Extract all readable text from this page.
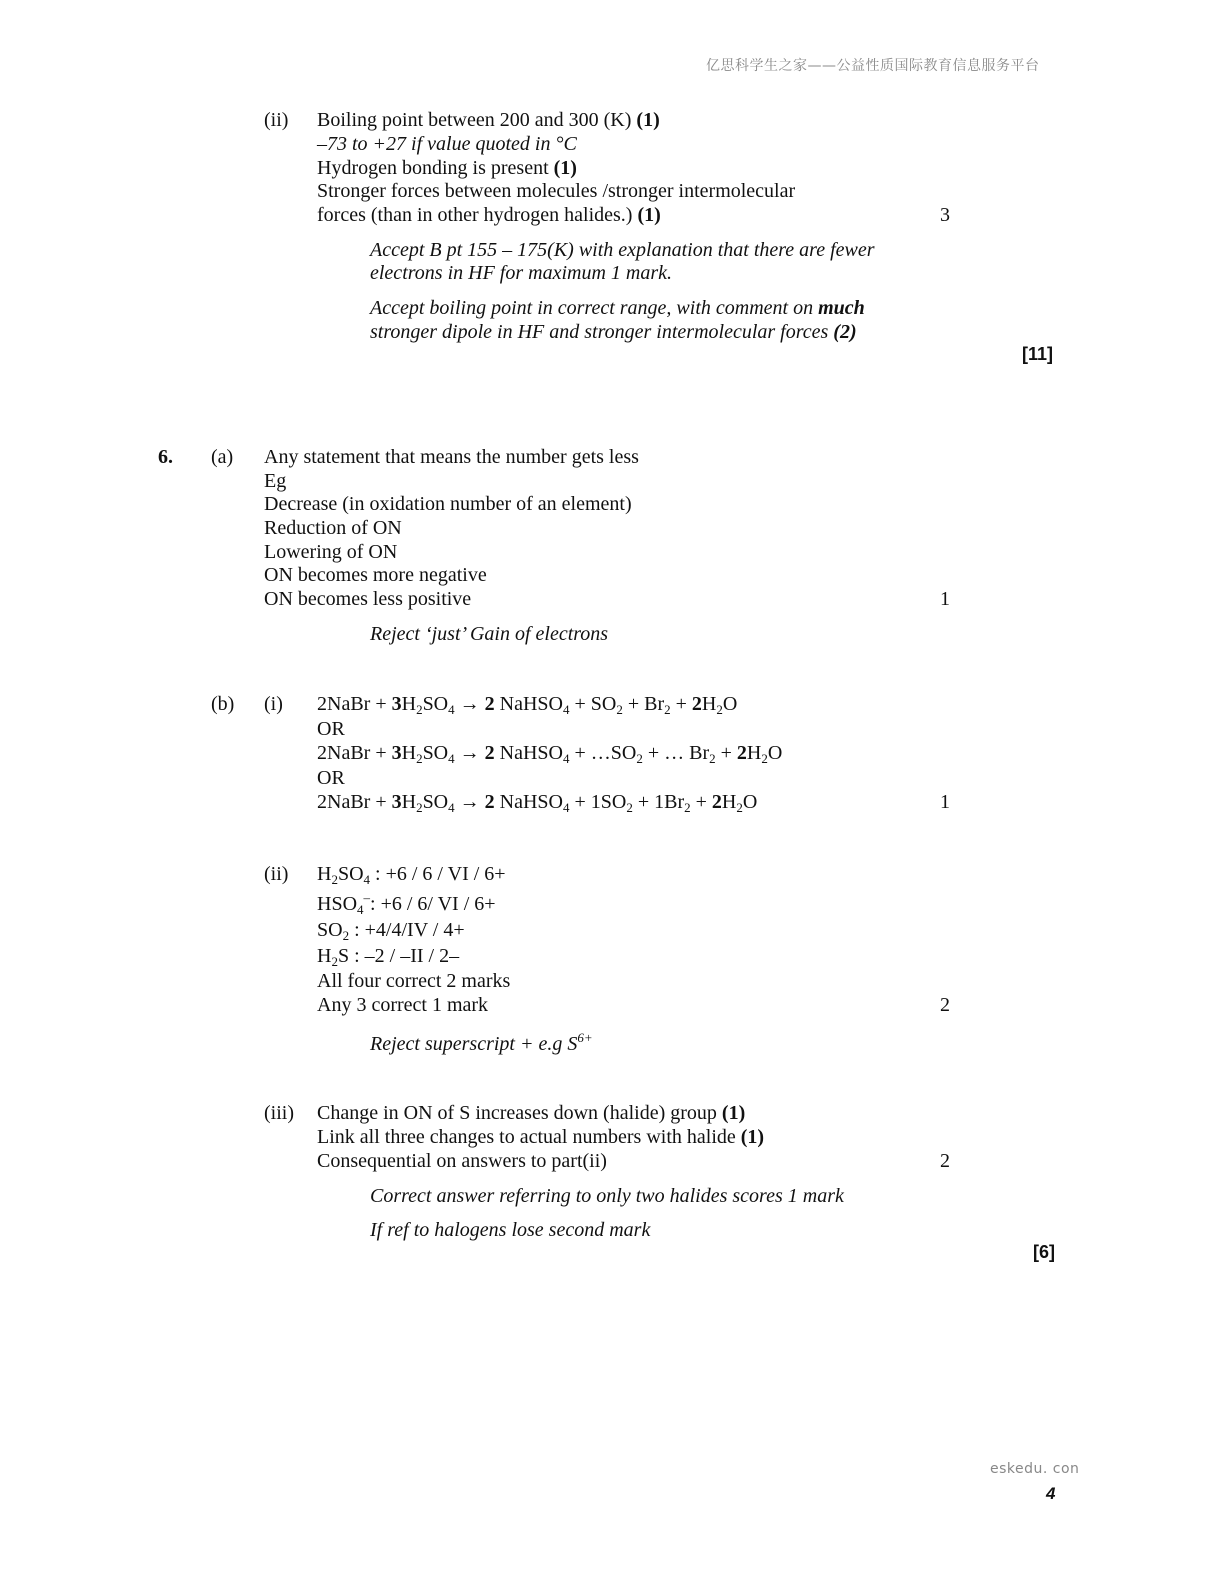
亿思科学生之家——公益性质国际教育信息服务平台
(ii) Boiling point between 200 and 300 (K) (1)
–73 to +27 if value quoted in °C
Hydrogen bonding is present (1)
Stronger forces between molecules /stronger intermolecular
forces (than in other hydrogen halides.) (1)	3
Accept B pt 155 – 175(K) with explanation that there are fewer
electrons in HF for maximum 1 mark.
Accept boiling point in correct range, with comment on much
stronger dipole in HF and stronger intermolecular forces (2)
[11]
6. (a) Any statement that means the number gets less
Eg
Decrease (in oxidation number of an element)
Reduction of ON
Lowering of ON
ON becomes more negative
ON becomes less positive	1
Reject ‘just’ Gain of electrons
(b) (i) 2NaBr + $3H_2SO_4 \to 2$ NaHSO$_4$ + $SO_2 + Br_2 + 2H_2O$
OR
2NaBr + $3H_2SO_4 \to 2$ NaHSO$_4$ + $\dots SO_2$ + … $Br_2 + 2H_2O$
OR
2NaBr + $3H_2SO_4 \to 2$ NaHSO$_4$ + $1SO_2 + 1Br_2 + 2H_2O$	1
(ii) $H_2SO_4$ : +6 / 6 / VI / 6+
$HSO_4^-$: +6 / 6/ VI / 6+
$SO_2$ : +4/4/IV / 4+
$H_2S$ : –2 / –II / 2–
All four correct 2 marks
Any 3 correct 1 mark	2
Reject superscript + e.g $S^{6+}$
(iii) Change in ON of S increases down (halide) group (1)
Link all three changes to actual numbers with halide (1)
Consequential on answers to part(ii)	2
Correct answer referring to only two halides scores 1 mark
If ref to halogens lose second mark
[6]
eskedu. con
4
